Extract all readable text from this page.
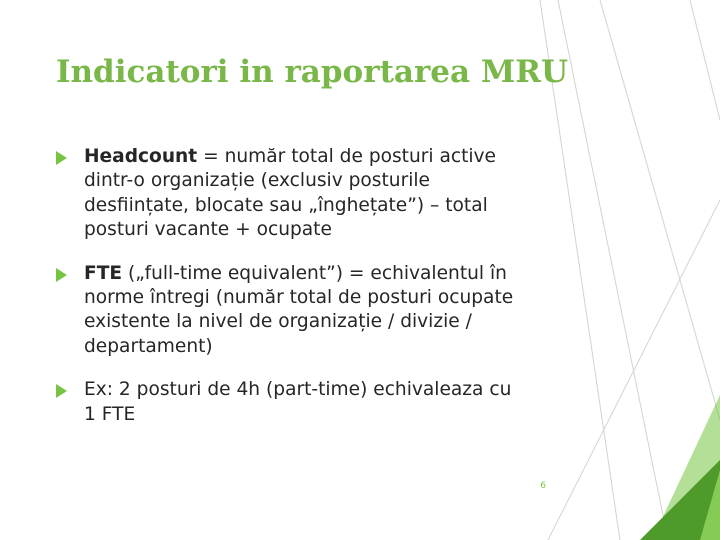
Indicatori in raportarea MRU
Headcount = număr total de posturi active dintr-o organizație (exclusiv posturile desființate, blocate sau „înghețate”) – total posturi vacante + ocupate
FTE („full-time equivalent”) = echivalentul în norme întregi (număr total de posturi ocupate existente la nivel de organizație / divizie / departament)
Ex: 2 posturi de 4h (part-time) echivaleaza cu 1 FTE
6
